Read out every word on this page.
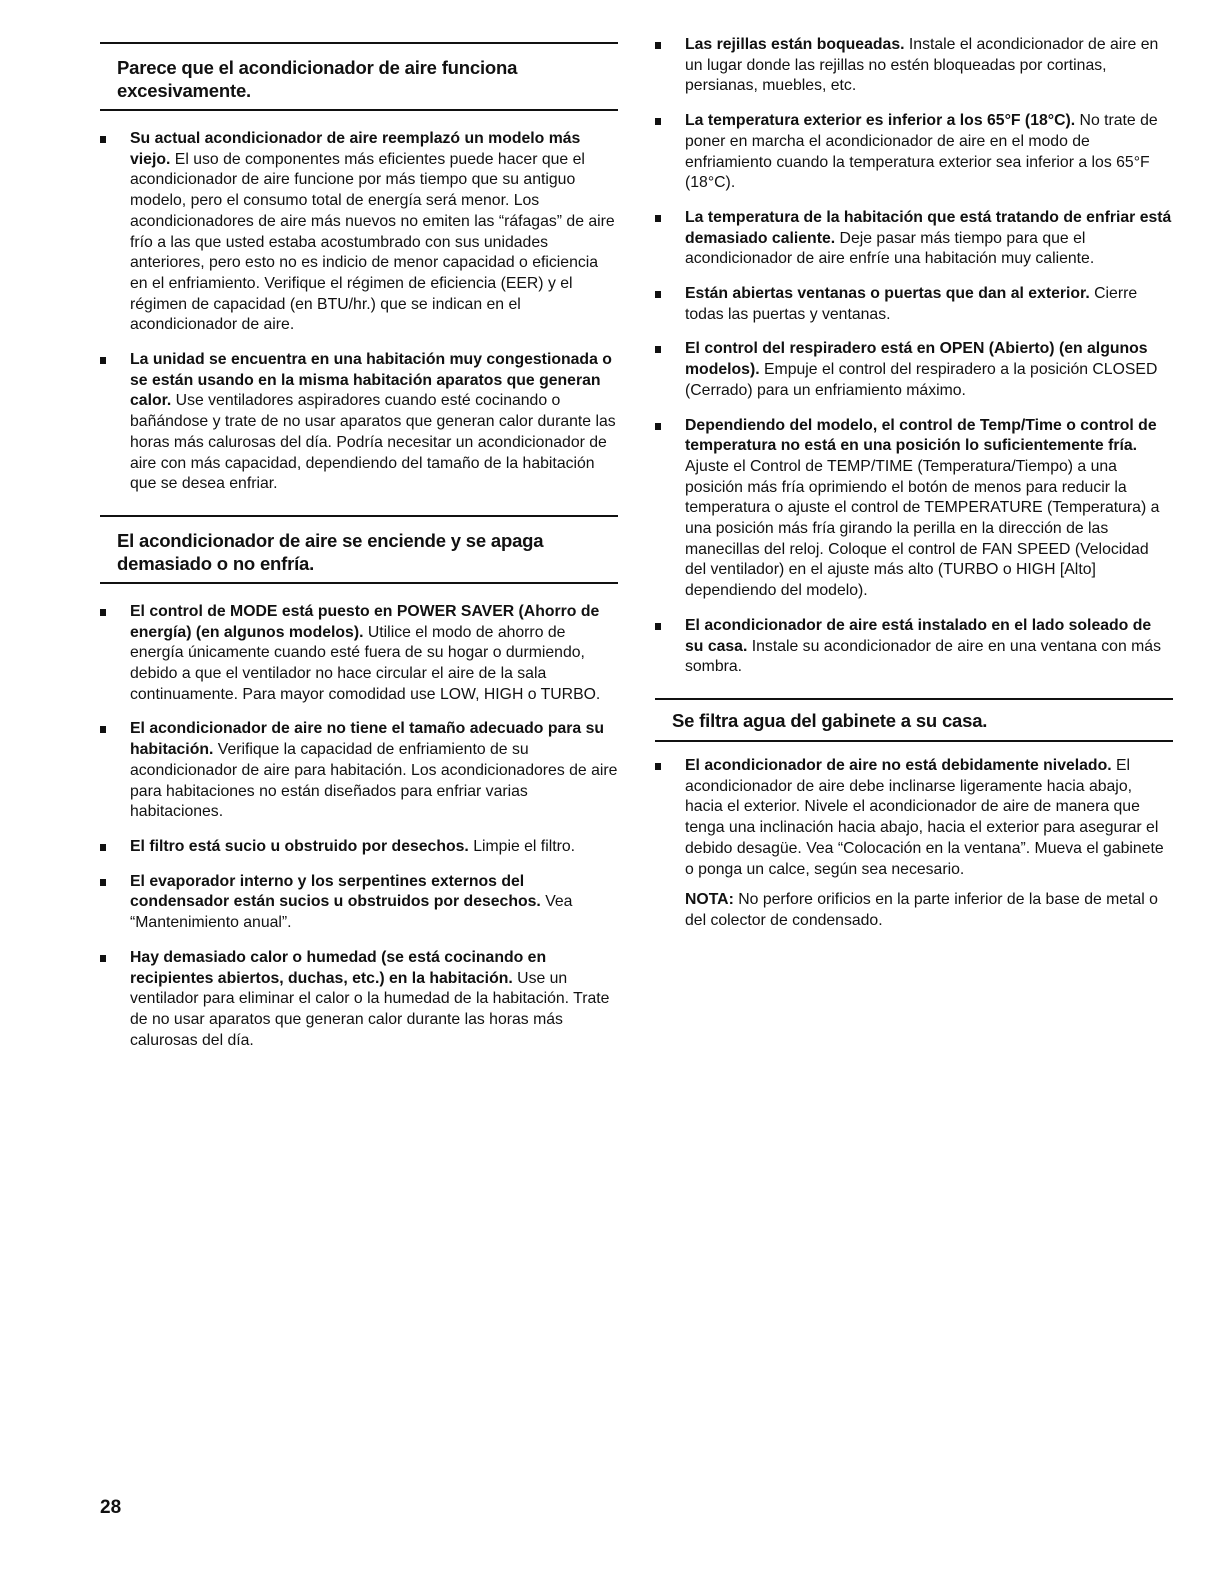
Parece que el acondicionador de aire funciona excesivamente.
Su actual acondicionador de aire reemplazó un modelo más viejo. El uso de componentes más eficientes puede hacer que el acondicionador de aire funcione por más tiempo que su antiguo modelo, pero el consumo total de energía será menor. Los acondicionadores de aire más nuevos no emiten las “ráfagas” de aire frío a las que usted estaba acostumbrado con sus unidades anteriores, pero esto no es indicio de menor capacidad o eficiencia en el enfriamiento. Verifique el régimen de eficiencia (EER) y el régimen de capacidad (en BTU/hr.) que se indican en el acondicionador de aire.
La unidad se encuentra en una habitación muy congestionada o se están usando en la misma habitación aparatos que generan calor. Use ventiladores aspiradores cuando esté cocinando o bañándose y trate de no usar aparatos que generan calor durante las horas más calurosas del día. Podría necesitar un acondicionador de aire con más capacidad, dependiendo del tamaño de la habitación que se desea enfriar.
El acondicionador de aire se enciende y se apaga demasiado o no enfría.
El control de MODE está puesto en POWER SAVER (Ahorro de energía) (en algunos modelos). Utilice el modo de ahorro de energía únicamente cuando esté fuera de su hogar o durmiendo, debido a que el ventilador no hace circular el aire de la sala continuamente. Para mayor comodidad use LOW, HIGH o TURBO.
El acondicionador de aire no tiene el tamaño adecuado para su habitación. Verifique la capacidad de enfriamiento de su acondicionador de aire para habitación. Los acondicionadores de aire para habitaciones no están diseñados para enfriar varias habitaciones.
El filtro está sucio u obstruido por desechos. Limpie el filtro.
El evaporador interno y los serpentines externos del condensador están sucios u obstruidos por desechos. Vea “Mantenimiento anual”.
Hay demasiado calor o humedad (se está cocinando en recipientes abiertos, duchas, etc.) en la habitación. Use un ventilador para eliminar el calor o la humedad de la habitación. Trate de no usar aparatos que generan calor durante las horas más calurosas del día.
Las rejillas están boqueadas. Instale el acondicionador de aire en un lugar donde las rejillas no estén bloqueadas por cortinas, persianas, muebles, etc.
La temperatura exterior es inferior a los 65°F (18°C). No trate de poner en marcha el acondicionador de aire en el modo de enfriamiento cuando la temperatura exterior sea inferior a los 65°F (18°C).
La temperatura de la habitación que está tratando de enfriar está demasiado caliente. Deje pasar más tiempo para que el acondicionador de aire enfríe una habitación muy caliente.
Están abiertas ventanas o puertas que dan al exterior. Cierre todas las puertas y ventanas.
El control del respiradero está en OPEN (Abierto) (en algunos modelos). Empuje el control del respiradero a la posición CLOSED (Cerrado) para un enfriamiento máximo.
Dependiendo del modelo, el control de Temp/Time o control de temperatura no está en una posición lo suficientemente fría. Ajuste el Control de TEMP/TIME (Temperatura/Tiempo) a una posición más fría oprimiendo el botón de menos para reducir la temperatura o ajuste el control de TEMPERATURE (Temperatura) a una posición más fría girando la perilla en la dirección de las manecillas del reloj. Coloque el control de FAN SPEED (Velocidad del ventilador) en el ajuste más alto (TURBO o HIGH [Alto] dependiendo del modelo).
El acondicionador de aire está instalado en el lado soleado de su casa. Instale su acondicionador de aire en una ventana con más sombra.
Se filtra agua del gabinete a su casa.
El acondicionador de aire no está debidamente nivelado. El acondicionador de aire debe inclinarse ligeramente hacia abajo, hacia el exterior. Nivele el acondicionador de aire de manera que tenga una inclinación hacia abajo, hacia el exterior para asegurar el debido desagüe. Vea “Colocación en la ventana”. Mueva el gabinete o ponga un calce, según sea necesario.

NOTA: No perfore orificios en la parte inferior de la base de metal o del colector de condensado.

28
